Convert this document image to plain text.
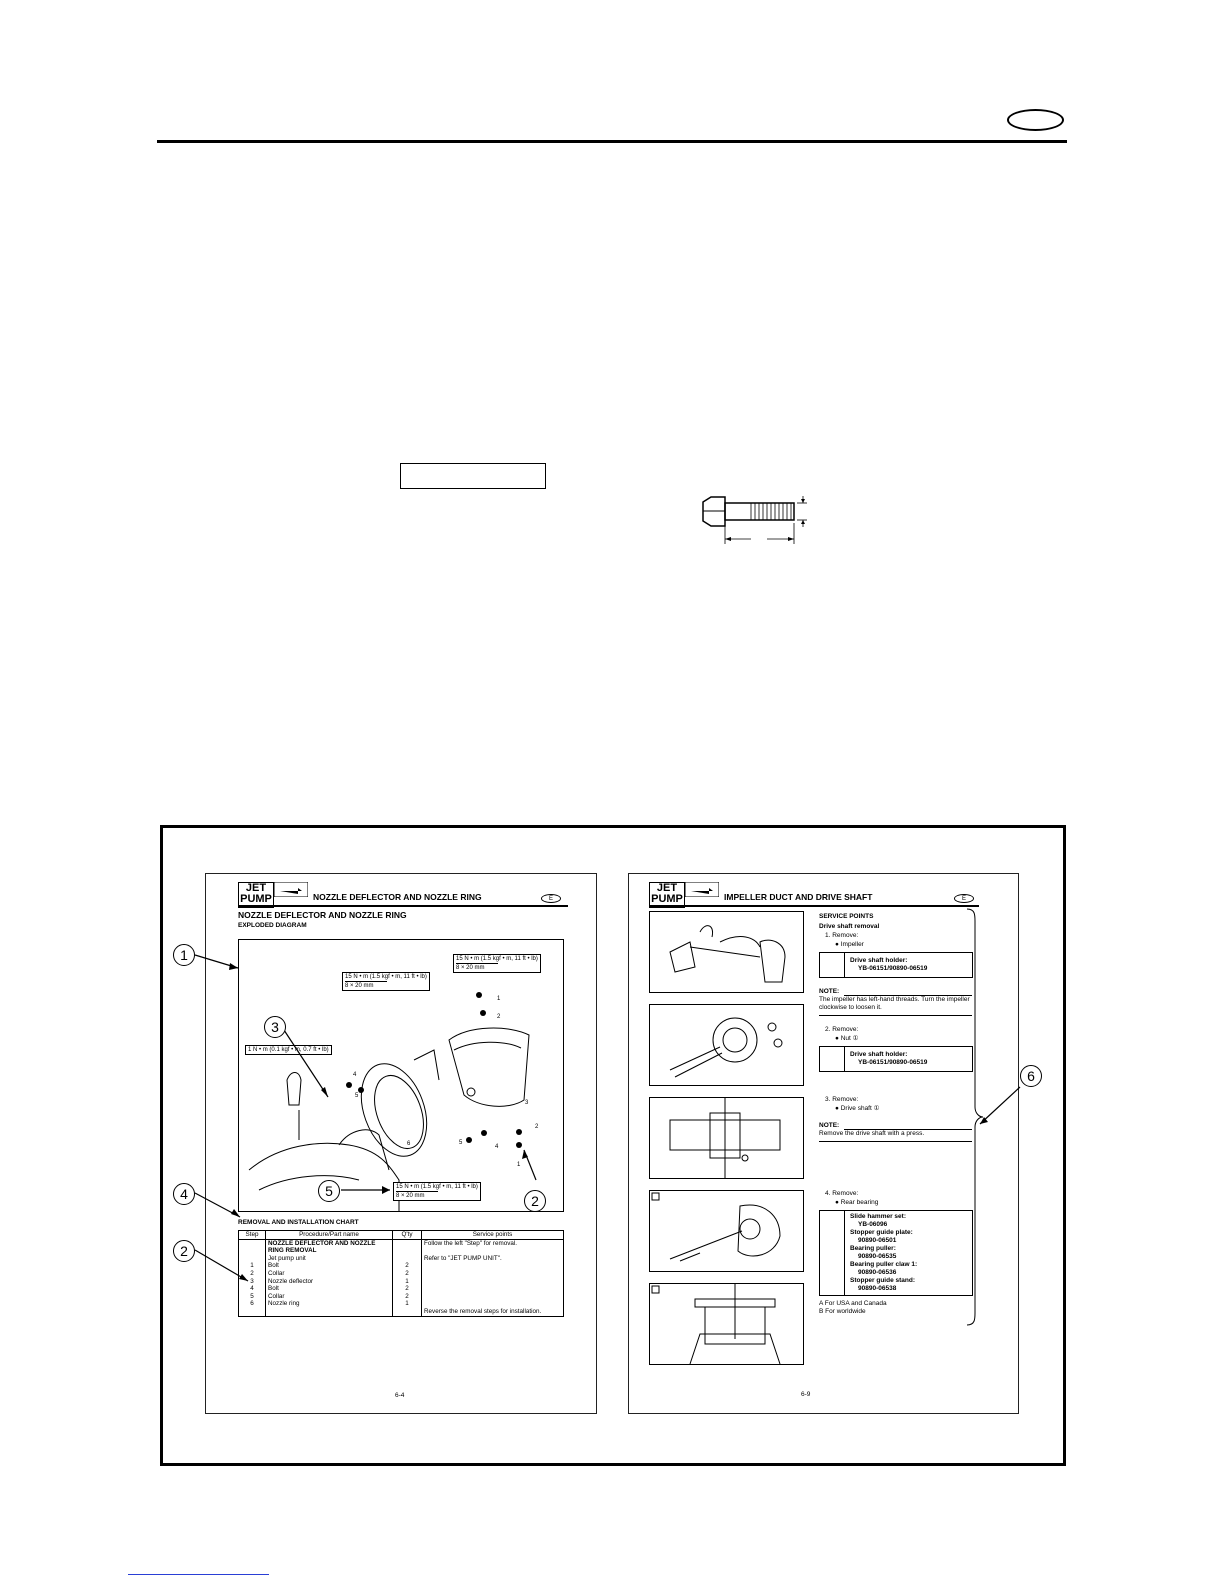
JET
PUMP	NOZZLE DEFLECTOR AND NOZZLE RING	E
NOZZLE DEFLECTOR AND NOZZLE RING
EXPLODED DIAGRAM
1
2
3
4
5
6	5
4
2
1
15 N • m (1.5 kgf • m, 11 ft • lb)
8 × 20 mm
15 N • m (1.5 kgf • m, 11 ft • lb)
8 × 20 mm
1 N • m (0.1 kgf • m, 0.7 ft • lb)
15 N • m (1.5 kgf • m, 11 ft • lb)
8 × 20 mm
REMOVAL AND INSTALLATION CHART
Step	Procedure/Part name	Q'ty	Service points
	NOZZLE DEFLECTOR AND NOZZLE RING REMOVAL		Follow the left "Step" for removal.
	Jet pump unit		Refer to "JET PUMP UNIT".
1	Bolt	2	
2	Collar	2	
3	Nozzle deflector	1	
4	Bolt	2	
5	Collar	2	
6	Nozzle ring	1	
			Reverse the removal steps for installation.
6-4
JET
PUMP	IMPELLER DUCT AND DRIVE SHAFT	E
SERVICE POINTS
Drive shaft removal
1. Remove:
● Impeller
Drive shaft holder:
YB-06151/90890-06519
NOTE:
The impeller has left-hand threads. Turn the impeller clockwise to loosen it.
2. Remove:
● Nut ①
Drive shaft holder:
YB-06151/90890-06519
3. Remove:
● Drive shaft ①
NOTE:
Remove the drive shaft with a press.
4. Remove:
● Rear bearing
Slide hammer set:
YB-06096
Stopper guide plate:
90890-06501
Bearing puller:
90890-06535
Bearing puller claw 1:
90890-06536
Stopper guide stand:
90890-06538
A For USA and Canada
B For worldwide
6-9
1
3
4
2
5
2
6
